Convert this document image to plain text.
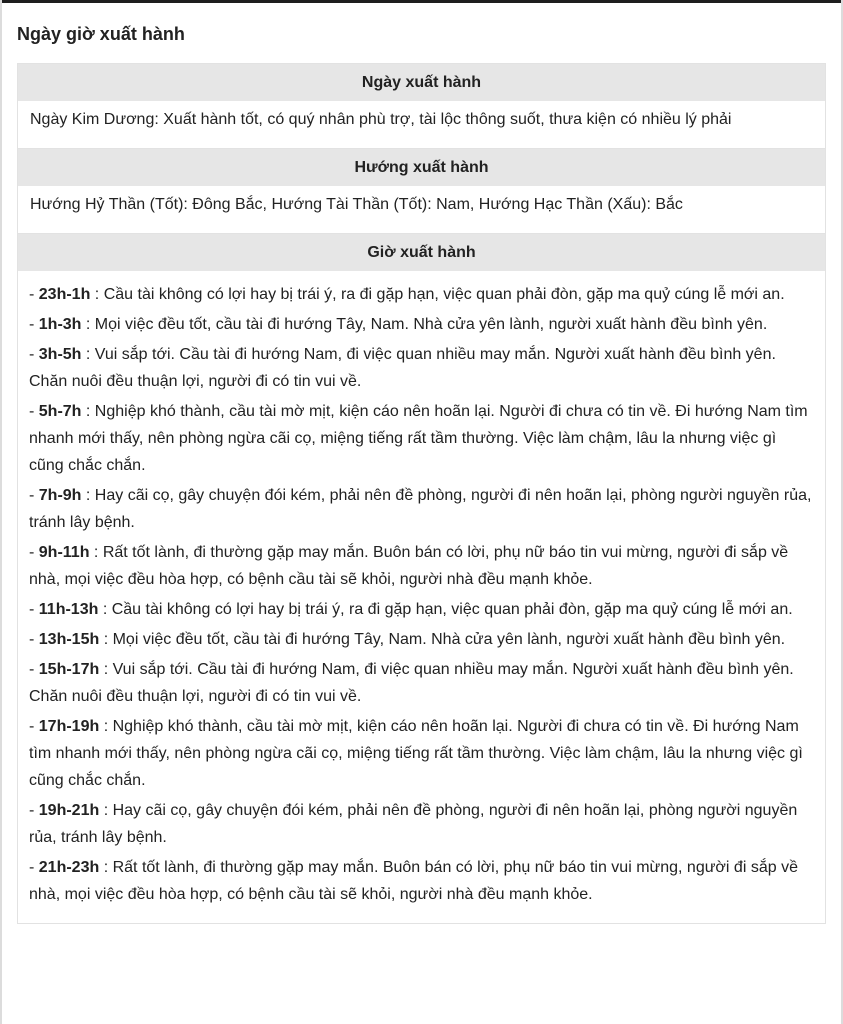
Ngày giờ xuất hành
Ngày xuất hành
Ngày Kim Dương: Xuất hành tốt, có quý nhân phù trợ, tài lộc thông suốt, thưa kiện có nhiều lý phải
Hướng xuất hành
Hướng Hỷ Thần (Tốt): Đông Bắc, Hướng Tài Thần (Tốt): Nam, Hướng Hạc Thần (Xấu): Bắc
Giờ xuất hành

- 23h-1h : Cầu tài không có lợi hay bị trái ý, ra đi gặp hạn, việc quan phải đòn, gặp ma quỷ cúng lễ mới an.

- 1h-3h : Mọi việc đều tốt, cầu tài đi hướng Tây, Nam. Nhà cửa yên lành, người xuất hành đều bình yên.

- 3h-5h : Vui sắp tới. Cầu tài đi hướng Nam, đi việc quan nhiều may mắn. Người xuất hành đều bình yên. Chăn nuôi đều thuận lợi, người đi có tin vui về.

- 5h-7h : Nghiệp khó thành, cầu tài mờ mịt, kiện cáo nên hoãn lại. Người đi chưa có tin về. Đi hướng Nam tìm nhanh mới thấy, nên phòng ngừa cãi cọ, miệng tiếng rất tầm thường. Việc làm chậm, lâu la nhưng việc gì cũng chắc chắn.

- 7h-9h : Hay cãi cọ, gây chuyện đói kém, phải nên đề phòng, người đi nên hoãn lại, phòng người nguyền rủa, tránh lây bệnh.

- 9h-11h : Rất tốt lành, đi thường gặp may mắn. Buôn bán có lời, phụ nữ báo tin vui mừng, người đi sắp về nhà, mọi việc đều hòa hợp, có bệnh cầu tài sẽ khỏi, người nhà đều mạnh khỏe.

- 11h-13h : Cầu tài không có lợi hay bị trái ý, ra đi gặp hạn, việc quan phải đòn, gặp ma quỷ cúng lễ mới an.

- 13h-15h : Mọi việc đều tốt, cầu tài đi hướng Tây, Nam. Nhà cửa yên lành, người xuất hành đều bình yên.

- 15h-17h : Vui sắp tới. Cầu tài đi hướng Nam, đi việc quan nhiều may mắn. Người xuất hành đều bình yên. Chăn nuôi đều thuận lợi, người đi có tin vui về.

- 17h-19h : Nghiệp khó thành, cầu tài mờ mịt, kiện cáo nên hoãn lại. Người đi chưa có tin về. Đi hướng Nam tìm nhanh mới thấy, nên phòng ngừa cãi cọ, miệng tiếng rất tầm thường. Việc làm chậm, lâu la nhưng việc gì cũng chắc chắn.

- 19h-21h : Hay cãi cọ, gây chuyện đói kém, phải nên đề phòng, người đi nên hoãn lại, phòng người nguyền rủa, tránh lây bệnh.

- 21h-23h : Rất tốt lành, đi thường gặp may mắn. Buôn bán có lời, phụ nữ báo tin vui mừng, người đi sắp về nhà, mọi việc đều hòa hợp, có bệnh cầu tài sẽ khỏi, người nhà đều mạnh khỏe.
